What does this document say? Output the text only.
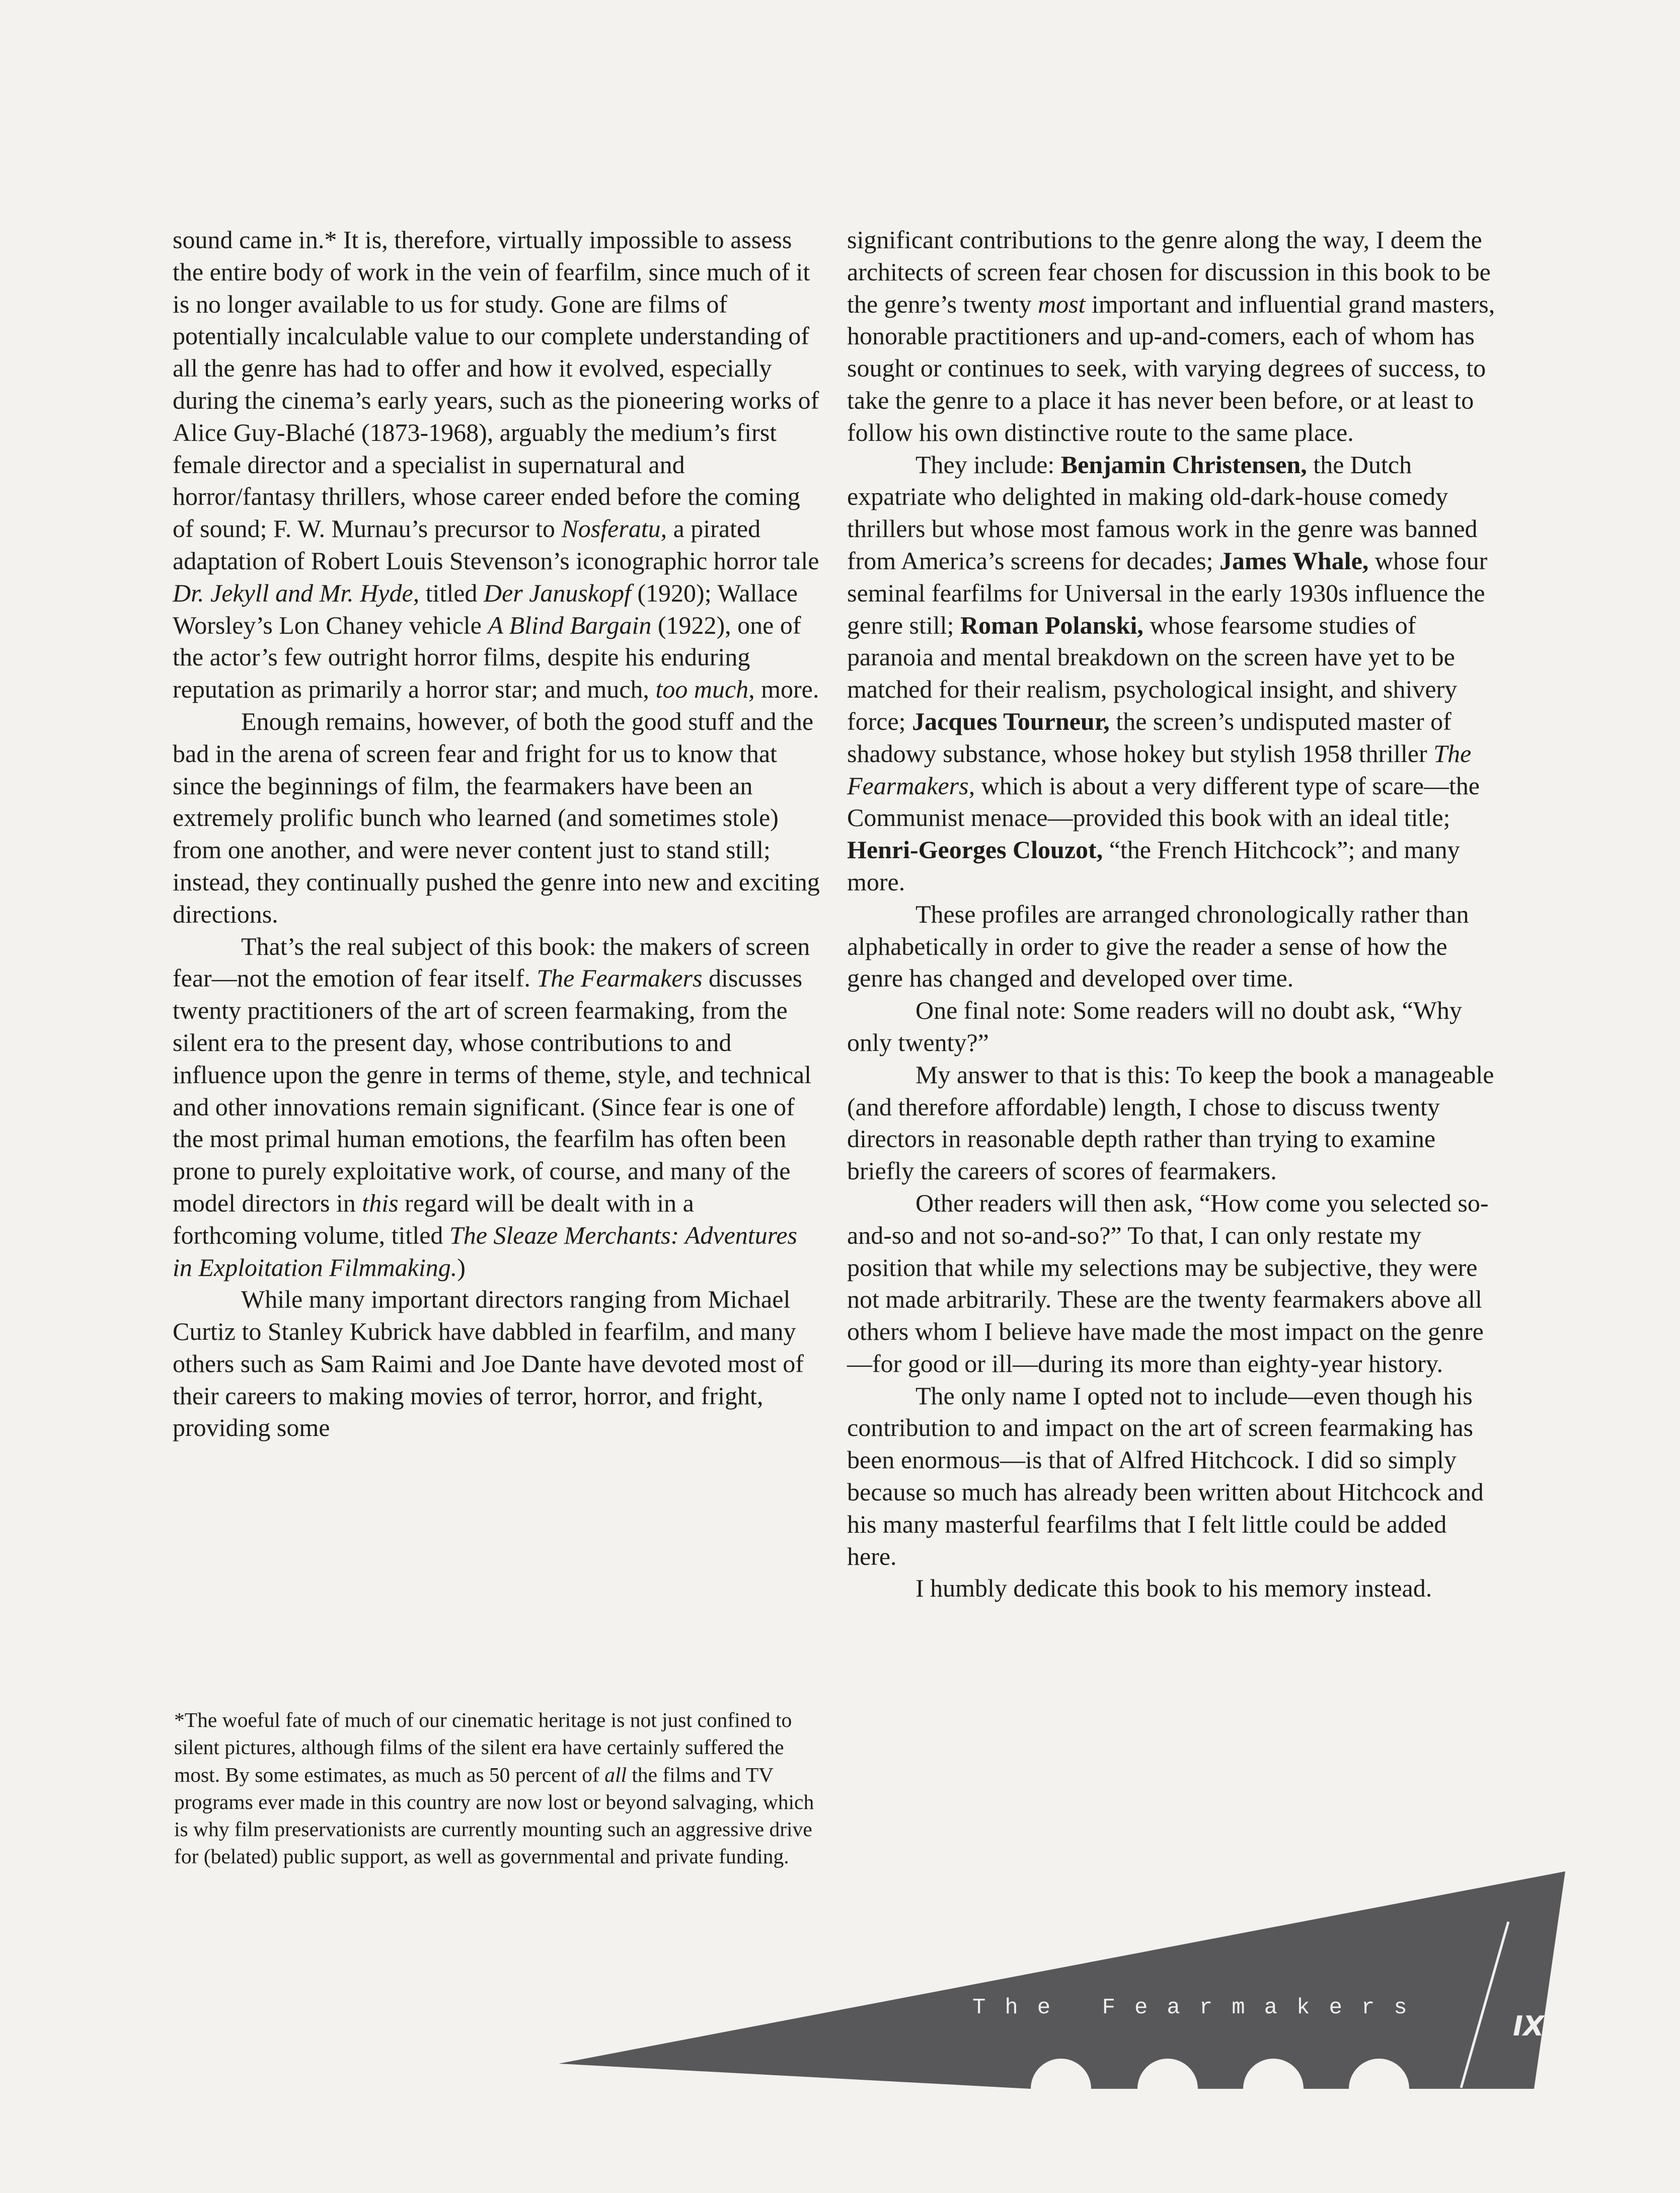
sound came in.* It is, therefore, virtually impossible to assess the entire body of work in the vein of fearfilm, since much of it is no longer available to us for study. Gone are films of potentially incalculable value to our complete understanding of all the genre has had to offer and how it evolved, especially during the cinema’s early years, such as the pioneering works of Alice Guy-Blaché (1873-1968), arguably the medium’s first female director and a specialist in supernatural and horror/fantasy thrillers, whose career ended before the coming of sound; F. W. Murnau’s precursor to Nosferatu, a pirated adaptation of Robert Louis Stevenson’s iconographic horror tale Dr. Jekyll and Mr. Hyde, titled Der Januskopf (1920); Wallace Worsley’s Lon Chaney vehicle A Blind Bargain (1922), one of the actor’s few outright horror films, despite his enduring reputation as primarily a horror star; and much, too much, more.

Enough remains, however, of both the good stuff and the bad in the arena of screen fear and fright for us to know that since the beginnings of film, the fearmakers have been an extremely prolific bunch who learned (and sometimes stole) from one another, and were never content just to stand still; instead, they continually pushed the genre into new and exciting directions.

That’s the real subject of this book: the makers of screen fear—not the emotion of fear itself. The Fearmakers discusses twenty practitioners of the art of screen fearmaking, from the silent era to the present day, whose contributions to and influence upon the genre in terms of theme, style, and technical and other innovations remain significant. (Since fear is one of the most primal human emotions, the fearfilm has often been prone to purely exploitative work, of course, and many of the model directors in this regard will be dealt with in a forthcoming volume, titled The Sleaze Merchants: Adventures in Exploitation Filmmaking.)

While many important directors ranging from Michael Curtiz to Stanley Kubrick have dabbled in fearfilm, and many others such as Sam Raimi and Joe Dante have devoted most of their careers to making movies of terror, horror, and fright, providing some

significant contributions to the genre along the way, I deem the architects of screen fear chosen for discussion in this book to be the genre’s twenty most important and influential grand masters, honorable practitioners and up-and-comers, each of whom has sought or continues to seek, with varying degrees of success, to take the genre to a place it has never been before, or at least to follow his own distinctive route to the same place.

They include: Benjamin Christensen, the Dutch expatriate who delighted in making old-dark-house comedy thrillers but whose most famous work in the genre was banned from America’s screens for decades; James Whale, whose four seminal fearfilms for Universal in the early 1930s influence the genre still; Roman Polanski, whose fearsome studies of paranoia and mental breakdown on the screen have yet to be matched for their realism, psychological insight, and shivery force; Jacques Tourneur, the screen’s undisputed master of shadowy substance, whose hokey but stylish 1958 thriller The Fearmakers, which is about a very different type of scare—the Communist menace—provided this book with an ideal title; Henri-Georges Clouzot, “the French Hitchcock”; and many more.

These profiles are arranged chronologically rather than alphabetically in order to give the reader a sense of how the genre has changed and developed over time.

One final note: Some readers will no doubt ask, “Why only twenty?”

My answer to that is this: To keep the book a manageable (and therefore affordable) length, I chose to discuss twenty directors in reasonable depth rather than trying to examine briefly the careers of scores of fearmakers.

Other readers will then ask, “How come you selected so-and-so and not so-and-so?” To that, I can only restate my position that while my selections may be subjective, they were not made arbitrarily. These are the twenty fearmakers above all others whom I believe have made the most impact on the genre—for good or ill—during its more than eighty-year history.

The only name I opted not to include—even though his contribution to and impact on the art of screen fearmaking has been enormous—is that of Alfred Hitchcock. I did so simply because so much has already been written about Hitchcock and his many masterful fearfilms that I felt little could be added here.

I humbly dedicate this book to his memory instead.

*The woeful fate of much of our cinematic heritage is not just confined to silent pictures, although films of the silent era have certainly suffered the most. By some estimates, as much as 50 percent of all the films and TV programs ever made in this country are now lost or beyond salvaging, which is why film preservationists are currently mounting such an aggressive drive for (belated) public support, as well as governmental and private funding.

The Fearmakers
IX
